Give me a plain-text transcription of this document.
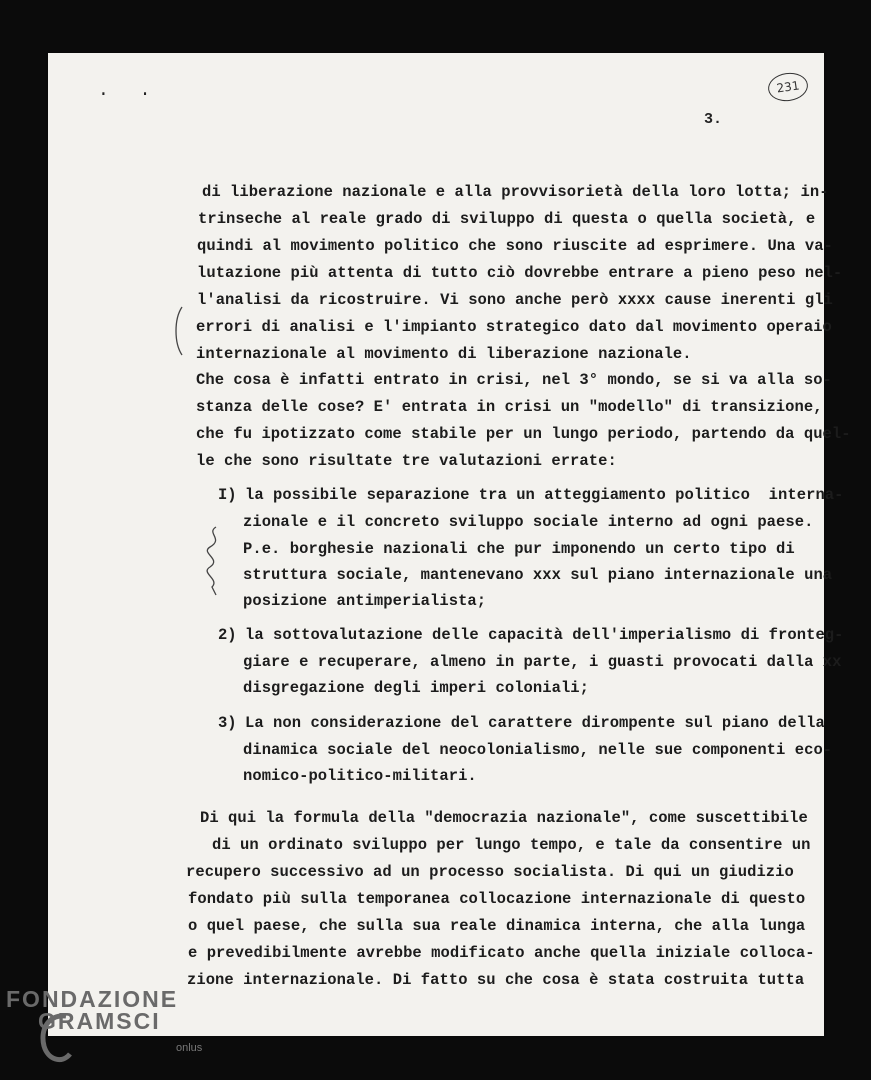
. .	231
3.
di liberazione nazionale e alla provvisorietà della loro lotta; in-
trinseche al reale grado di sviluppo di questa o quella società, e
quindi al movimento politico che sono riuscite ad esprimere. Una va-
lutazione più attenta di tutto ciò dovrebbe entrare a pieno peso nel-
l'analisi da ricostruire. Vi sono anche però xxxx cause inerenti gli
errori di analisi e l'impianto strategico dato dal movimento operaio
internazionale al movimento di liberazione nazionale.
Che cosa è infatti entrato in crisi, nel 3° mondo, se si va alla so-
stanza delle cose? E' entrata in crisi un "modello" di transizione,
che fu ipotizzato come stabile per un lungo periodo, partendo da quel-
le che sono risultate tre valutazioni errate:
I) la possibile separazione tra un atteggiamento politico  interna-
zionale e il concreto sviluppo sociale interno ad ogni paese.
P.e. borghesie nazionali che pur imponendo un certo tipo di
struttura sociale, mantenevano xxx sul piano internazionale una
posizione antimperialista;
2) la sottovalutazione delle capacità dell'imperialismo di fronteg-
giare e recuperare, almeno in parte, i guasti provocati dalla xx
disgregazione degli imperi coloniali;
3) La non considerazione del carattere dirompente sul piano della
dinamica sociale del neocolonialismo, nelle sue componenti eco-
nomico-politico-militari.
Di qui la formula della "democrazia nazionale", come suscettibile
di un ordinato sviluppo per lungo tempo, e tale da consentire un
recupero successivo ad un processo socialista. Di qui un giudizio
fondato più sulla temporanea collocazione internazionale di questo
o quel paese, che sulla sua reale dinamica interna, che alla lunga
e prevedibilmente avrebbe modificato anche quella iniziale colloca-
zione internazionale. Di fatto su che cosa è stata costruita tutta
FONDAZIONE
GRAMSCI
onlus
